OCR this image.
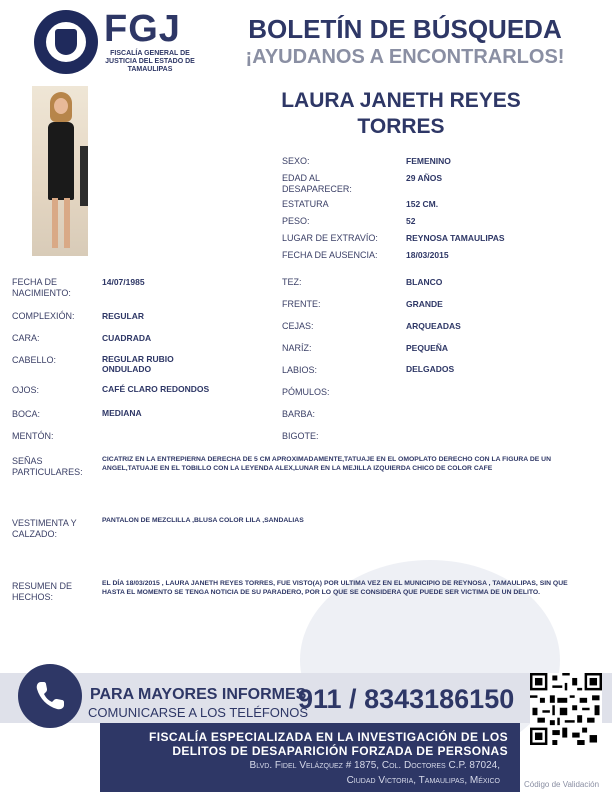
FGJ
FISCALÍA GENERAL DE JUSTICIA DEL ESTADO DE TAMAULIPAS
BOLETÍN DE BÚSQUEDA
¡AYUDANOS A ENCONTRARLOS!
LAURA JANETH REYES TORRES
SEXO:	FEMENINO
EDAD AL DESAPARECER:
29 AÑOS
ESTATURA	152 CM.
PESO:	52
LUGAR DE EXTRAVÍO:	REYNOSA TAMAULIPAS
FECHA DE AUSENCIA:	18/03/2015
FECHA DE NACIMIENTO:
14/07/1985
COMPLEXIÓN:	REGULAR
CARA:	CUADRADA
CABELLO:	REGULAR RUBIO ONDULADO
OJOS:	CAFÉ CLARO REDONDOS
BOCA:	MEDIANA
MENTÓN:
TEZ:	BLANCO
FRENTE:	GRANDE
CEJAS:	ARQUEADAS
NARÍZ:	PEQUEÑA
LABIOS:	DELGADOS
PÓMULOS:
BARBA:
BIGOTE:
SEÑAS PARTICULARES:
CICATRIZ EN LA ENTREPIERNA DERECHA DE 5 CM APROXIMADAMENTE,TATUAJE EN EL OMOPLATO DERECHO CON LA FIGURA DE UN ANGEL,TATUAJE EN EL TOBILLO CON LA LEYENDA ALEX,LUNAR EN LA MEJILLA IZQUIERDA CHICO DE COLOR CAFE
VESTIMENTA Y CALZADO:
PANTALON DE MEZCLILLA ,BLUSA COLOR LILA ,SANDALIAS
RESUMEN DE HECHOS:
EL DÍA 18/03/2015 , LAURA JANETH REYES TORRES, FUE VISTO(A) POR ULTIMA VEZ EN EL MUNICIPIO DE REYNOSA , TAMAULIPAS, SIN QUE HASTA EL MOMENTO SE TENGA NOTICIA DE SU PARADERO, POR LO QUE SE CONSIDERA QUE PUEDE SER VICTIMA DE UN DELITO.
PARA MAYORES INFORMES,
COMUNICARSE A LOS TELÉFONOS
911 / 8343186150
FISCALÍA ESPECIALIZADA EN LA INVESTIGACIÓN DE LOS
DELITOS DE DESAPARICIÓN FORZADA DE PERSONAS
Blvd. Fidel Velázquez # 1875, Col. Doctores C.P. 87024,
Ciudad Victoria, Tamaulipas, México	Código de Validación
